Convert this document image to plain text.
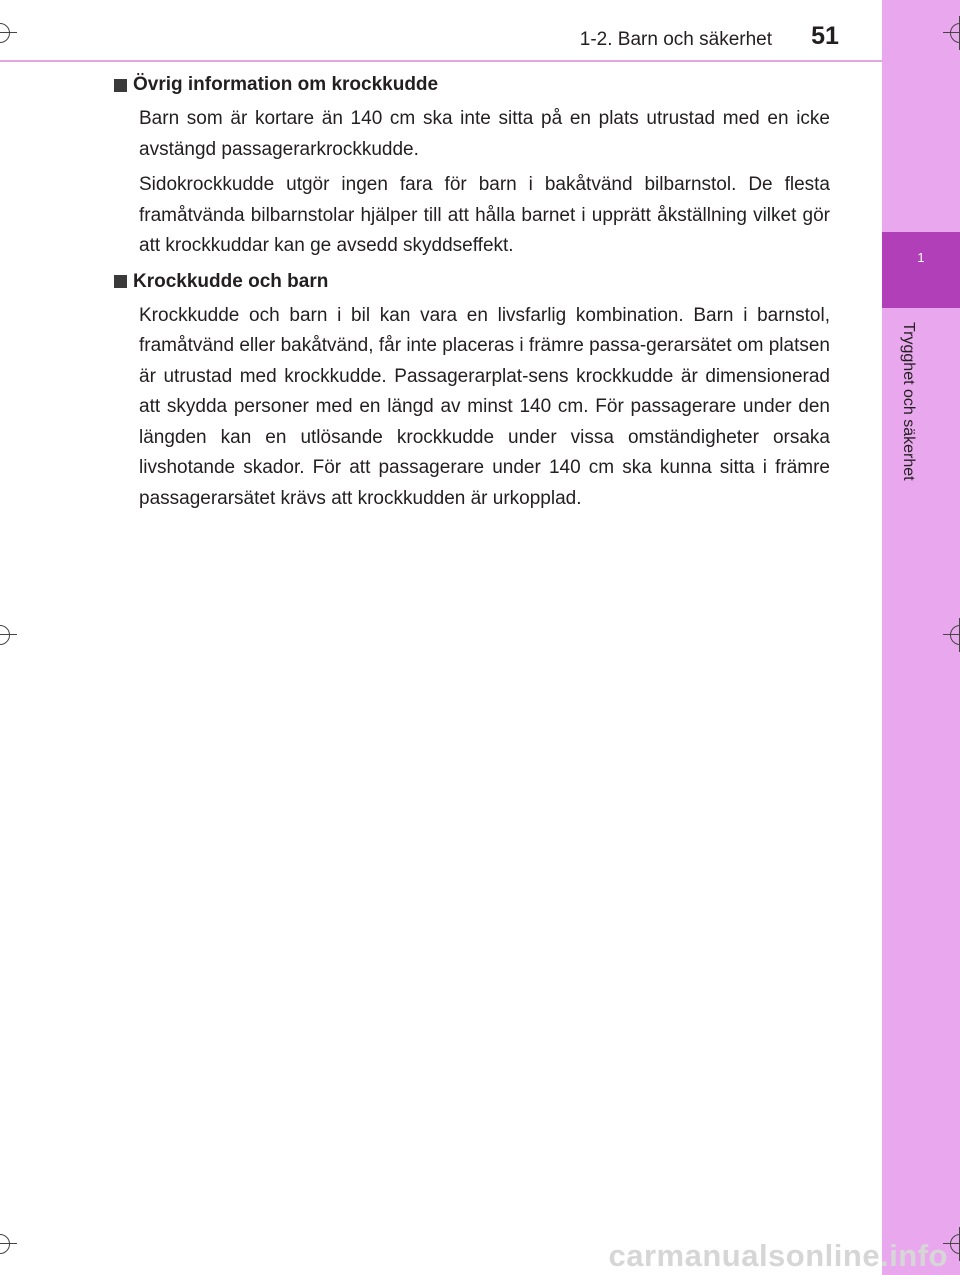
1-2. Barn och säkerhet	51
1
Trygghet och säkerhet
Övrig information om krockkudde

Barn som är kortare än 140 cm ska inte sitta på en plats utrustad med en icke avstängd passagerarkrockkudde.

Sidokrockkudde utgör ingen fara för barn i bakåtvänd bilbarnstol. De flesta framåtvända bilbarnstolar hjälper till att hålla barnet i upprätt åkställning vilket gör att krockkuddar kan ge avsedd skyddseffekt.

Krockkudde och barn

Krockkudde och barn i bil kan vara en livsfarlig kombination. Barn i barnstol, framåtvänd eller bakåtvänd, får inte placeras i främre passa-gerarsätet om platsen är utrustad med krockkudde. Passagerarplat-sens krockkudde är dimensionerad att skydda personer med en längd av minst 140 cm. För passagerare under den längden kan en utlösande krockkudde under vissa omständigheter orsaka livshotande skador. För att passagerare under 140 cm ska kunna sitta i främre passagerarsätet krävs att krockkudden är urkopplad.

carmanualsonline.info
